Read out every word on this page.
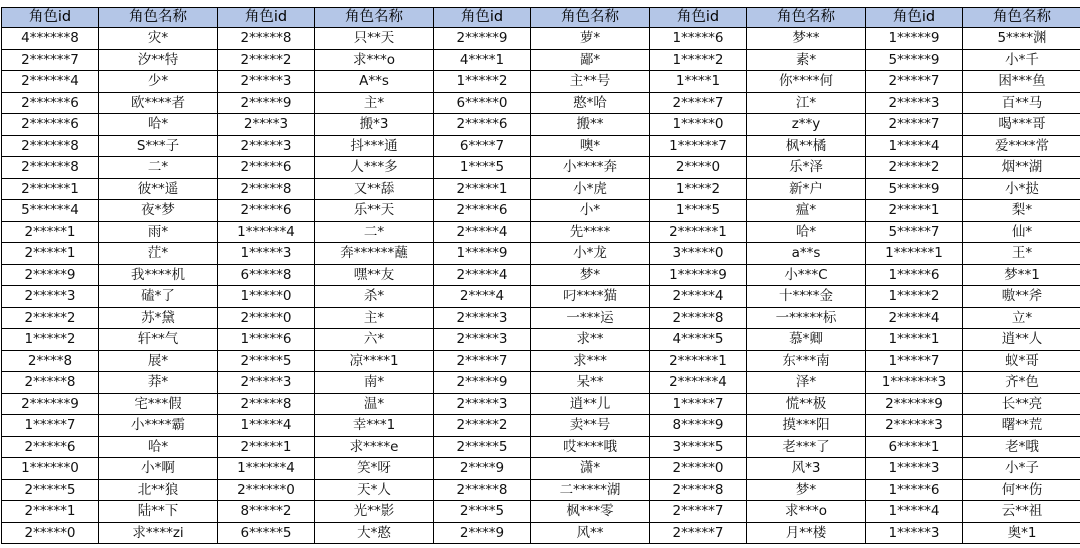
角色id	角色名称	角色id	角色名称	角色id	角色名称	角色id	角色名称	角色id	角色名称
4******8	灾*	2*****8	只**天	2*****9	萝*	1*****6	梦**	1*****9	5****渊
2******7	汐**特	2*****2	求***o	4****1	鄙*	1*****2	素*	5*****9	小*千
2******4	少*	2*****3	A**s	1*****2	主**号	1****1	你****何	2*****7	困***鱼
2******6	欧****者	2*****9	主*	6*****0	憨*哈	2*****7	江*	2*****3	百**马
2******6	哈*	2****3	搬*3	2*****6	搬**	1*****0	z**y	2*****7	喝***哥
2******8	S***子	2*****3	抖***通	6****7	噢*	1******7	枫**橘	1*****4	爱****常
2******8	二*	2*****6	人***多	1****5	小****奔	2****0	乐*泽	2*****2	烟**湖
2******1	彼**遥	2*****8	又**舔	2*****1	小*虎	1****2	新*户	5*****9	小*挞
5******4	夜*梦	2*****6	乐**天	2*****6	小*	1****5	瘟*	2*****1	梨*
2*****1	雨*	1******4	二*	2*****4	先****	2******1	哈*	5*****7	仙*
2*****1	茳*	1*****3	奔******蘸	1*****9	小*龙	3*****0	a**s	1******1	王*
2*****9	我****机	6*****8	嘿**友	2*****4	梦*	1******9	小***C	1*****6	梦**1
2*****3	磕*了	1*****0	杀*	2****4	叼****猫	2*****4	十****金	1*****2	嗷**斧
2*****2	苏*黛	2*****0	主*	2*****3	一***运	2*****8	一*****标	2*****4	立*
1*****2	轩**气	1*****6	六*	2*****3	求**	4*****5	慕*卿	1*****1	逍**人
2****8	展*	2*****5	凉****1	2*****7	求***	2******1	东***南	1*****7	蚁*哥
2*****8	莽*	2*****3	南*	2*****9	呆**	2******4	泽*	1*******3	齐*色
2******9	宅***假	2*****8	温*	2*****3	逍**儿	1*****7	慌**极	2******9	长**亮
1*****7	小****霸	1*****4	幸***1	2*****2	卖**号	8*****9	摸***阳	2******3	曙**荒
2*****6	哈*	2*****1	求****e	2*****5	哎****哦	3*****5	老***了	6*****1	老*哦
1******0	小*啊	1******4	笑*呀	2****9	潇*	2*****0	风*3	1*****3	小*子
2*****5	北**狼	2******0	天*人	2*****8	二*****湖	2*****8	梦*	1*****6	何**伤
2*****1	陆**下	8*****2	光**影	2****5	枫***零	2*****7	求***o	1*****4	云**祖
2*****0	求****zi	6*****5	大*憨	2****9	风**	2*****7	月**楼	1*****3	奥*1
